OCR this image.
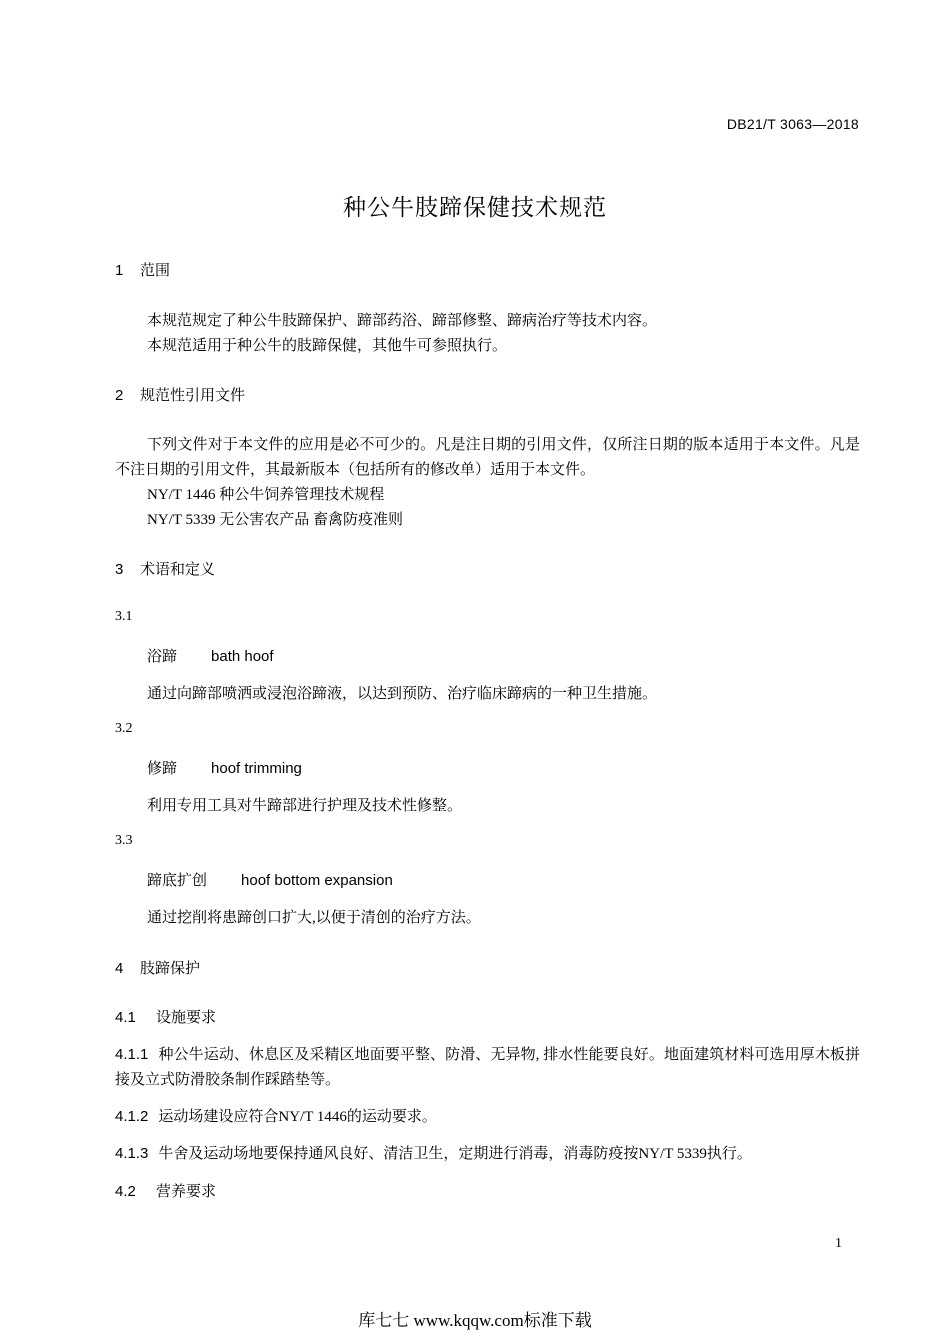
DB21/T 3063—2018
种公牛肢蹄保健技术规范
1 范围
本规范规定了种公牛肢蹄保护、蹄部药浴、蹄部修整、蹄病治疗等技术内容。
本规范适用于种公牛的肢蹄保健，其他牛可参照执行。
2 规范性引用文件
下列文件对于本文件的应用是必不可少的。凡是注日期的引用文件，仅所注日期的版本适用于本文件。凡是不注日期的引用文件，其最新版本（包括所有的修改单）适用于本文件。
NY/T 1446 种公牛饲养管理技术规程
NY/T 5339 无公害农产品 畜禽防疫准则
3 术语和定义
3.1
浴蹄 bath hoof
通过向蹄部喷洒或浸泡浴蹄液，以达到预防、治疗临床蹄病的一种卫生措施。
3.2
修蹄 hoof trimming
利用专用工具对牛蹄部进行护理及技术性修整。
3.3
蹄底扩创 hoof bottom expansion
通过挖削将患蹄创口扩大,以便于清创的治疗方法。
4 肢蹄保护
4.1 设施要求
4.1.1 种公牛运动、休息区及采精区地面要平整、防滑、无异物, 排水性能要良好。地面建筑材料可选用厚木板拼接及立式防滑胶条制作踩踏垫等。
4.1.2 运动场建设应符合NY/T 1446的运动要求。
4.1.3 牛舍及运动场地要保持通风良好、清洁卫生，定期进行消毒，消毒防疫按NY/T 5339执行。
4.2 营养要求
1
库七七 www.kqqw.com标准下载
